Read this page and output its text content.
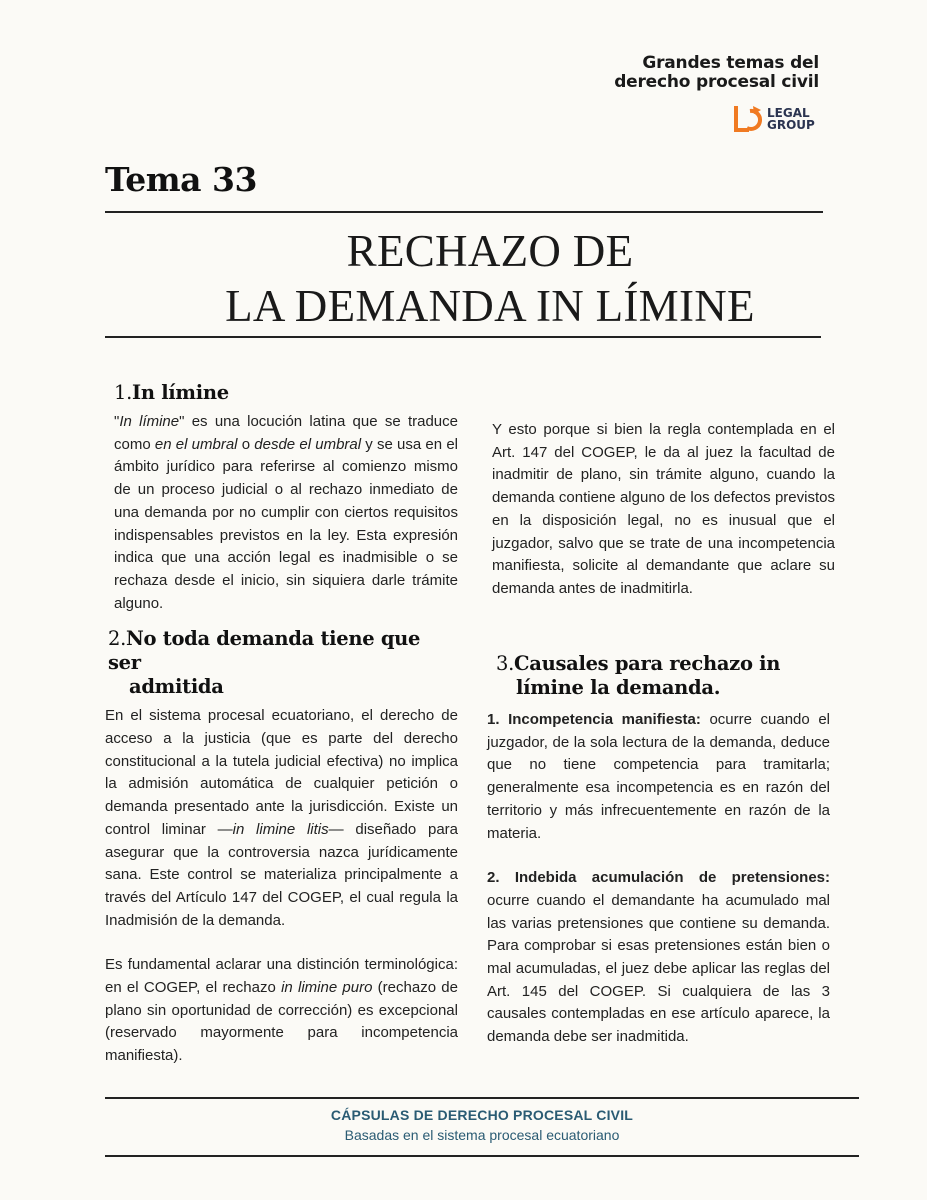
Grandes temas del
derecho procesal civil
LEGAL
GROUP
Tema 33
RECHAZO DE
LA DEMANDA IN LÍMINE
1.In límine

"In límine" es una locución latina que se traduce como en el umbral o desde el umbral y se usa en el ámbito jurídico para referirse al comienzo mismo de un proceso judicial o al rechazo inmediato de una demanda por no cumplir con ciertos requisitos indispensables previstos en la ley. Esta expresión indica que una acción legal es inadmisible o se rechaza desde el inicio, sin siquiera darle trámite alguno.

2.No toda demanda tiene que ser
admitida

En el sistema procesal ecuatoriano, el derecho de acceso a la justicia (que es parte del derecho constitucional a la tutela judicial efectiva) no implica la admisión automática de cualquier petición o demanda presentado ante la jurisdicción. Existe un control liminar —in limine litis— diseñado para asegurar que la controversia nazca jurídicamente sana. Este control se materializa principalmente a través del Artículo 147 del COGEP, el cual regula la Inadmisión de la demanda.

Es fundamental aclarar una distinción terminológica: en el COGEP, el rechazo in limine puro (rechazo de plano sin oportunidad de corrección) es excepcional (reservado mayormente para incompetencia manifiesta).

Y esto porque si bien la regla contemplada en el Art. 147 del COGEP, le da al juez la facultad de inadmitir de plano, sin trámite alguno, cuando la demanda contiene alguno de los defectos previstos en la disposición legal, no es inusual que el juzgador, salvo que se trate de una incompetencia manifiesta, solicite al demandante que aclare su demanda antes de inadmitirla.

3.Causales para rechazo in
límine la demanda.

1. Incompetencia manifiesta: ocurre cuando el juzgador, de la sola lectura de la demanda, deduce que no tiene competencia para tramitarla; generalmente esa incompetencia es en razón del territorio y más infrecuentemente en razón de la materia.

2. Indebida acumulación de pretensiones: ocurre cuando el demandante ha acumulado mal las varias pretensiones que contiene su demanda. Para comprobar si esas pretensiones están bien o mal acumuladas, el juez debe aplicar las reglas del Art. 145 del COGEP. Si cualquiera de las 3 causales contempladas en ese artículo aparece, la demanda debe ser inadmitida.

CÁPSULAS DE DERECHO PROCESAL CIVIL
Basadas en el sistema procesal ecuatoriano
